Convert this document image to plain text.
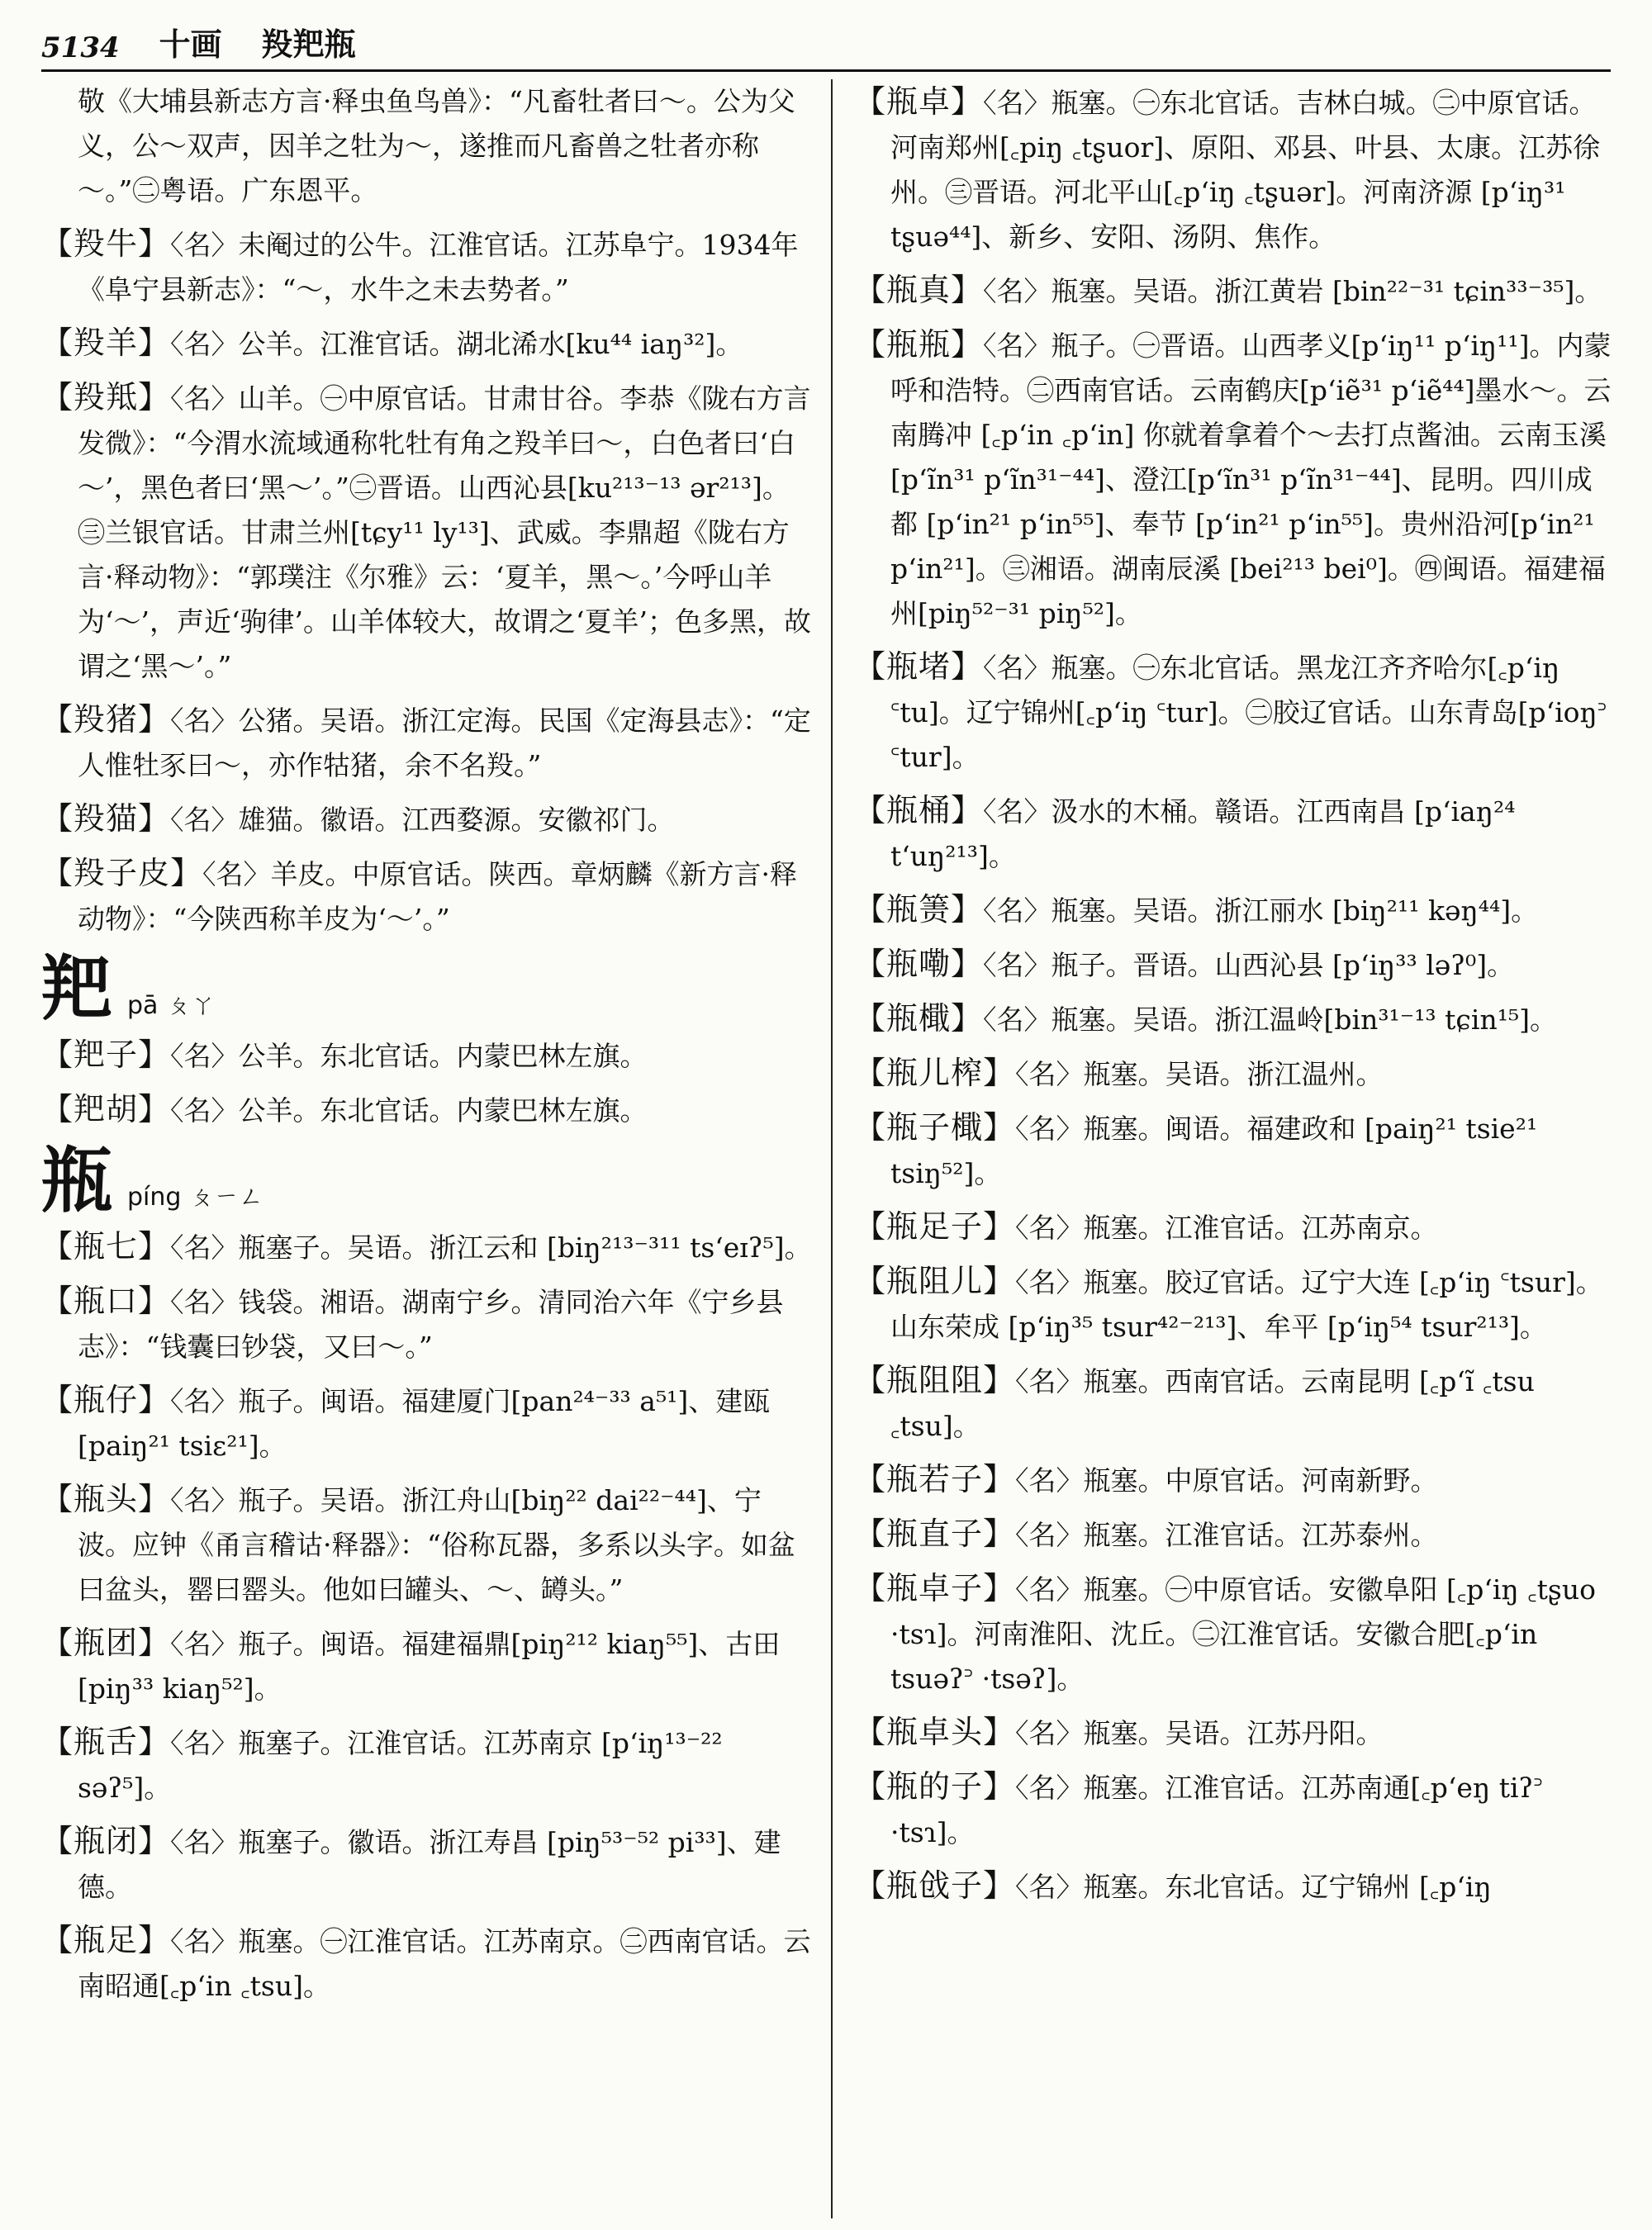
5134 十画 羖羓瓶

敬《大埔县新志方言·释虫鱼鸟兽》：“凡畜牡者曰～。公为父义，公～双声，因羊之牡为～，遂推而凡畜兽之牡者亦称～。”㊁粤语。广东恩平。

【羖牛】〈名〉未阉过的公牛。江淮官话。江苏阜宁。1934年《阜宁县新志》：“～，水牛之未去势者。”

【羖羊】〈名〉公羊。江淮官话。湖北浠水[ku⁴⁴ iaŋ³²]。

【羖羝】〈名〉山羊。㊀中原官话。甘肃甘谷。李恭《陇右方言发微》：“今渭水流域通称牝牡有角之羖羊曰～，白色者曰‘白～’，黑色者曰‘黑～’。”㊁晋语。山西沁县[ku²¹³⁻¹³ ər²¹³]。㊂兰银官话。甘肃兰州[tɕy¹¹ ly¹³]、武威。李鼎超《陇右方言·释动物》：“郭璞注《尔雅》云：‘夏羊，黑～。’今呼山羊为‘～’，声近‘驹律’。山羊体较大，故谓之‘夏羊’；色多黑，故谓之‘黑～’。”

【羖猪】〈名〉公猪。吴语。浙江定海。民国《定海县志》：“定人惟牡豕曰～，亦作牯猪，余不名羖。”

【羖猫】〈名〉雄猫。徽语。江西婺源。安徽祁门。

【羖子皮】〈名〉羊皮。中原官话。陕西。章炳麟《新方言·释动物》：“今陕西称羊皮为‘～’。”

羓 pā ㄆㄚ

【羓子】〈名〉公羊。东北官话。内蒙巴林左旗。

【羓胡】〈名〉公羊。东北官话。内蒙巴林左旗。

瓶 píng ㄆㄧㄥ

【瓶七】〈名〉瓶塞子。吴语。浙江云和 [biŋ²¹³⁻³¹¹ tsʻeɪʔ⁵]。

【瓶口】〈名〉钱袋。湘语。湖南宁乡。清同治六年《宁乡县志》：“钱囊曰钞袋，又曰～。”

【瓶仔】〈名〉瓶子。闽语。福建厦门[pan²⁴⁻³³ a⁵¹]、建瓯 [paiŋ²¹ tsiɛ²¹]。

【瓶头】〈名〉瓶子。吴语。浙江舟山[biŋ²² dai²²⁻⁴⁴]、宁波。应钟《甬言稽诂·释器》：“俗称瓦器，多系以头字。如盆曰盆头，罂曰罂头。他如曰罐头、～、罇头。”

【瓶团】〈名〉瓶子。闽语。福建福鼎[piŋ²¹² kiaŋ⁵⁵]、古田 [piŋ³³ kiaŋ⁵²]。

【瓶舌】〈名〉瓶塞子。江淮官话。江苏南京 [pʻiŋ¹³⁻²² səʔ⁵]。

【瓶闭】〈名〉瓶塞子。徽语。浙江寿昌 [piŋ⁵³⁻⁵² pi³³]、建德。

【瓶足】〈名〉瓶塞。㊀江淮官话。江苏南京。㊁西南官话。云南昭通[꜀pʻin ꜀tsu]。

【瓶卓】〈名〉瓶塞。㊀东北官话。吉林白城。㊁中原官话。河南郑州[꜀piŋ ꜀tʂuor]、原阳、邓县、叶县、太康。江苏徐州。㊂晋语。河北平山[꜀pʻiŋ ꜀tʂuər]。河南济源 [pʻiŋ³¹ tʂuə⁴⁴]、新乡、安阳、汤阴、焦作。

【瓶真】〈名〉瓶塞。吴语。浙江黄岩 [bin²²⁻³¹ tɕin³³⁻³⁵]。

【瓶瓶】〈名〉瓶子。㊀晋语。山西孝义[pʻiŋ¹¹ pʻiŋ¹¹]。内蒙呼和浩特。㊁西南官话。云南鹤庆[pʻiẽ³¹ pʻiẽ⁴⁴]墨水～。云南腾冲 [꜀pʻin ꜀pʻin] 你就着拿着个～去打点酱油。云南玉溪 [pʻĩn³¹ pʻĩn³¹⁻⁴⁴]、澄江[pʻĩn³¹ pʻĩn³¹⁻⁴⁴]、昆明。四川成都 [pʻin²¹ pʻin⁵⁵]、奉节 [pʻin²¹ pʻin⁵⁵]。贵州沿河[pʻin²¹ pʻin²¹]。㊂湘语。湖南辰溪 [bei²¹³ bei⁰]。㊃闽语。福建福州[piŋ⁵²⁻³¹ piŋ⁵²]。

【瓶堵】〈名〉瓶塞。㊀东北官话。黑龙江齐齐哈尔[꜀pʻiŋ ꜂tu]。辽宁锦州[꜀pʻiŋ ꜂tur]。㊁胶辽官话。山东青岛[pʻioŋ꜄ ꜂tur]。

【瓶桶】〈名〉汲水的木桶。赣语。江西南昌 [pʻiaŋ²⁴ tʻuŋ²¹³]。

【瓶箦】〈名〉瓶塞。吴语。浙江丽水 [biŋ²¹¹ kəŋ⁴⁴]。

【瓶嘞】〈名〉瓶子。晋语。山西沁县 [pʻiŋ³³ ləʔ⁰]。

【瓶檝】〈名〉瓶塞。吴语。浙江温岭[bin³¹⁻¹³ tɕin¹⁵]。

【瓶儿榨】〈名〉瓶塞。吴语。浙江温州。

【瓶子檝】〈名〉瓶塞。闽语。福建政和 [paiŋ²¹ tsie²¹ tsiŋ⁵²]。

【瓶足子】〈名〉瓶塞。江淮官话。江苏南京。

【瓶阻儿】〈名〉瓶塞。胶辽官话。辽宁大连 [꜀pʻiŋ ꜂tsur]。山东荣成 [pʻiŋ³⁵ tsur⁴²⁻²¹³]、牟平 [pʻiŋ⁵⁴ tsur²¹³]。

【瓶阻阻】〈名〉瓶塞。西南官话。云南昆明 [꜀pʻĩ ꜀tsu ꜀tsu]。

【瓶若子】〈名〉瓶塞。中原官话。河南新野。

【瓶直子】〈名〉瓶塞。江淮官话。江苏泰州。

【瓶卓子】〈名〉瓶塞。㊀中原官话。安徽阜阳 [꜀pʻiŋ ꜀tʂuo ·tsɿ]。河南淮阳、沈丘。㊁江淮官话。安徽合肥[꜀pʻin tsuəʔ꜄ ·tsəʔ]。

【瓶卓头】〈名〉瓶塞。吴语。江苏丹阳。

【瓶的子】〈名〉瓶塞。江淮官话。江苏南通[꜀pʻeŋ tiʔ꜄ ·tsɿ]。

【瓶戗子】〈名〉瓶塞。东北官话。辽宁锦州 [꜀pʻiŋ
